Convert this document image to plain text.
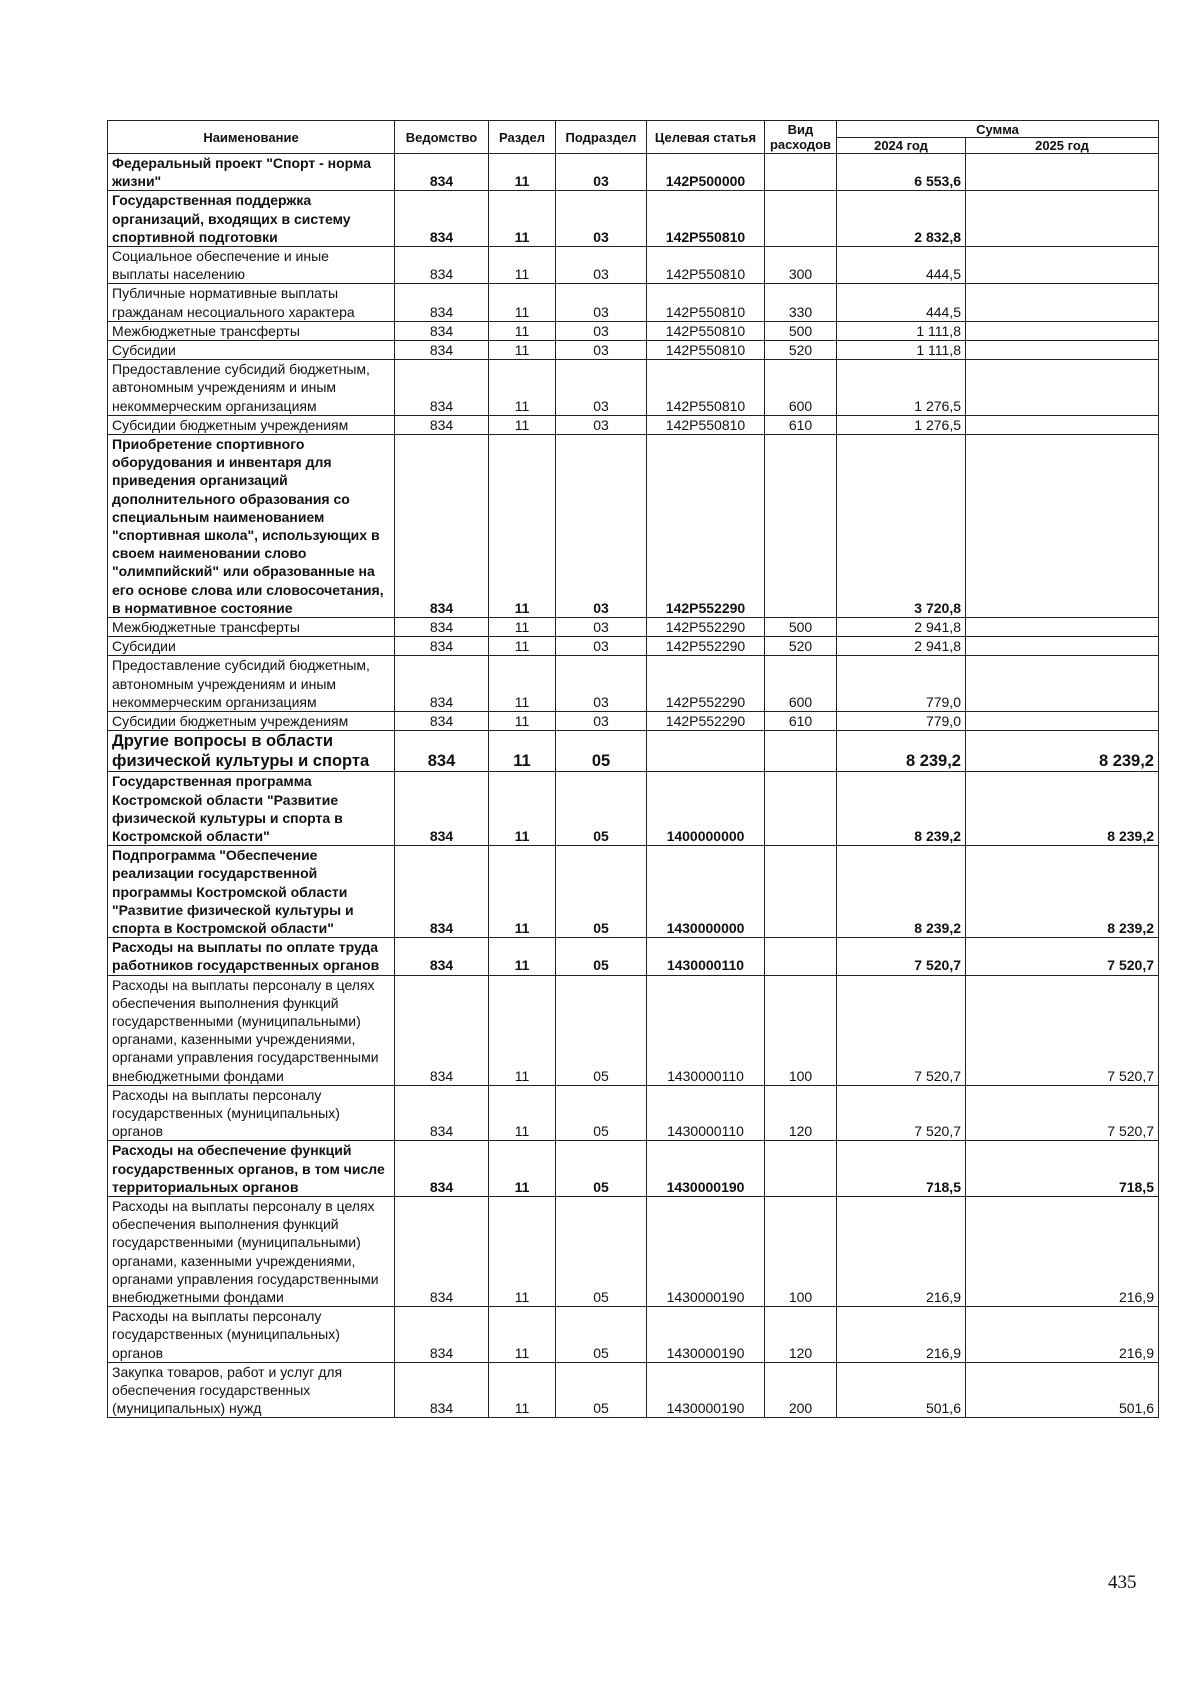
Наименование	Ведомство	Раздел	Подраздел	Целевая статья	Вид расходов	Сумма	
						2024 год	2025 год
Федеральный проект "Спорт - норма жизни"	834	11	03	142P500000		6 553,6	
Государственная поддержка организаций, входящих в систему спортивной подготовки	834	11	03	142P550810		2 832,8	
Социальное обеспечение и иные выплаты населению	834	11	03	142P550810	300	444,5	
Публичные нормативные выплаты гражданам несоциального характера	834	11	03	142P550810	330	444,5	
Межбюджетные трансферты	834	11	03	142P550810	500	1 111,8	
Субсидии	834	11	03	142P550810	520	1 111,8	
Предоставление субсидий бюджетным, автономным учреждениям и иным некоммерческим организациям	834	11	03	142P550810	600	1 276,5	
Субсидии бюджетным учреждениям	834	11	03	142P550810	610	1 276,5	
Приобретение спортивного оборудования и инвентаря для приведения организаций дополнительного образования со специальным наименованием "спортивная школа", использующих в своем наименовании слово "олимпийский" или образованные на его основе слова или словосочетания, в нормативное состояние	834	11	03	142P552290		3 720,8	
Межбюджетные трансферты	834	11	03	142P552290	500	2 941,8	
Субсидии	834	11	03	142P552290	520	2 941,8	
Предоставление субсидий бюджетным, автономным учреждениям и иным некоммерческим организациям	834	11	03	142P552290	600	779,0	
Субсидии бюджетным учреждениям	834	11	03	142P552290	610	779,0	
Другие вопросы в области физической культуры и спорта	834	11	05			8 239,2	8 239,2
Государственная программа Костромской области "Развитие физической культуры и спорта в Костромской области"	834	11	05	1400000000		8 239,2	8 239,2
Подпрограмма "Обеспечение реализации государственной программы Костромской области "Развитие физической культуры и спорта в Костромской области"	834	11	05	1430000000		8 239,2	8 239,2
Расходы на выплаты по оплате труда работников государственных органов	834	11	05	1430000110		7 520,7	7 520,7
Расходы на выплаты персоналу в целях обеспечения выполнения функций государственными (муниципальными) органами, казенными учреждениями, органами управления государственными внебюджетными фондами	834	11	05	1430000110	100	7 520,7	7 520,7
Расходы на выплаты персоналу государственных (муниципальных) органов	834	11	05	1430000110	120	7 520,7	7 520,7
Расходы на обеспечение функций государственных органов, в том числе территориальных органов	834	11	05	1430000190		718,5	718,5
Расходы на выплаты персоналу в целях обеспечения выполнения функций государственными (муниципальными) органами, казенными учреждениями, органами управления государственными внебюджетными фондами	834	11	05	1430000190	100	216,9	216,9
Расходы на выплаты персоналу государственных (муниципальных) органов	834	11	05	1430000190	120	216,9	216,9
Закупка товаров, работ и услуг для обеспечения государственных (муниципальных) нужд	834	11	05	1430000190	200	501,6	501,6
435
